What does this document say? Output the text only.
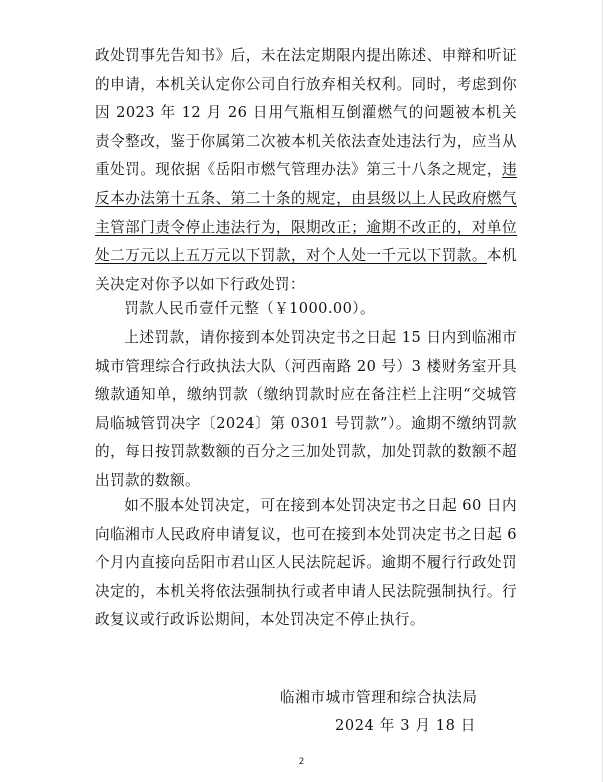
政处罚事先告知书》后，未在法定期限内提出陈述、申辩和听证的申请，本机关认定你公司自行放弃相关权利。同时，考虑到你因 2023 年 12 月 26 日用气瓶相互倒灌燃气的问题被本机关责令整改，鉴于你属第二次被本机关依法查处违法行为，应当从重处罚。现依据《岳阳市燃气管理办法》第三十八条之规定，违反本办法第十五条、第二十条的规定，由县级以上人民政府燃气主管部门责令停止违法行为，限期改正；逾期不改正的，对单位处二万元以上五万元以下罚款，对个人处一千元以下罚款。本机关决定对你予以如下行政处罚：
罚款人民币壹仟元整（￥1000.00）。
上述罚款，请你接到本处罚决定书之日起 15 日内到临湘市城市管理综合行政执法大队（河西南路 20 号）3 楼财务室开具缴款通知单，缴纳罚款（缴纳罚款时应在备注栏上注明“交城管局临城管罚决字〔2024〕第 0301 号罚款”）。逾期不缴纳罚款的，每日按罚款数额的百分之三加处罚款，加处罚款的数额不超出罚款的数额。
如不服本处罚决定，可在接到本处罚决定书之日起 60 日内向临湘市人民政府申请复议，也可在接到本处罚决定书之日起 6 个月内直接向岳阳市君山区人民法院起诉。逾期不履行行政处罚决定的，本机关将依法强制执行或者申请人民法院强制执行。行政复议或行政诉讼期间，本处罚决定不停止执行。
临湘市城市管理和综合执法局
2024 年 3 月 18 日
2
